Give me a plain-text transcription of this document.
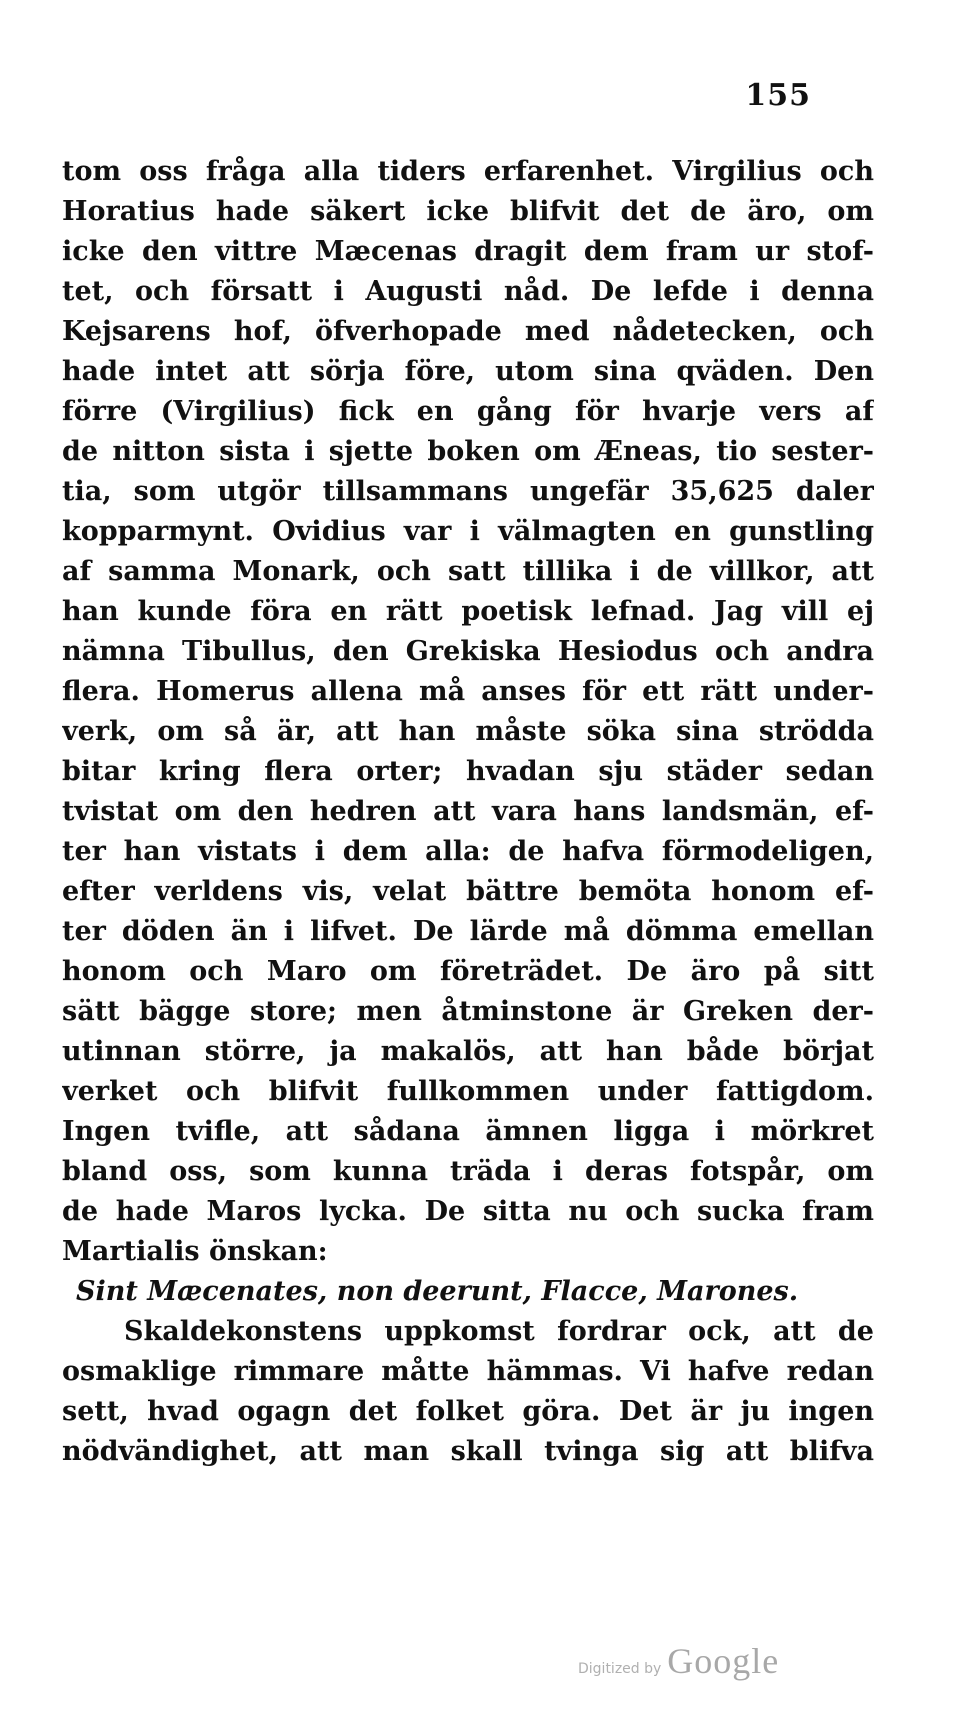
155
tom oss fråga alla tiders erfarenhet. Virgilius och
Horatius hade säkert icke blifvit det de äro, om
icke den vittre Mæcenas dragit dem fram ur stof-
tet, och försatt i Augusti nåd. De lefde i denna
Kejsarens hof, öfverhopade med nådetecken, och
hade intet att sörja före, utom sina qväden. Den
förre (Virgilius) fick en gång för hvarje vers af
de nitton sista i sjette boken om Æneas, tio sester-
tia, som utgör tillsammans ungefär 35,625 daler
kopparmynt. Ovidius var i välmagten en gunstling
af samma Monark, och satt tillika i de villkor, att
han kunde föra en rätt poetisk lefnad. Jag vill ej
nämna Tibullus, den Grekiska Hesiodus och andra
flera. Homerus allena må anses för ett rätt under-
verk, om så är, att han måste söka sina strödda
bitar kring flera orter; hvadan sju städer sedan
tvistat om den hedren att vara hans landsmän, ef-
ter han vistats i dem alla: de hafva förmodeligen,
efter verldens vis, velat bättre bemöta honom ef-
ter döden än i lifvet. De lärde må dömma emellan
honom och Maro om företrädet. De äro på sitt
sätt bägge store; men åtminstone är Greken der-
utinnan större, ja makalös, att han både börjat
verket och blifvit fullkommen under fattigdom.
Ingen tvifle, att sådana ämnen ligga i mörkret
bland oss, som kunna träda i deras fotspår, om
de hade Maros lycka. De sitta nu och sucka fram
Martialis önskan:
Sint Mæcenates, non deerunt, Flacce, Marones.
Skaldekonstens uppkomst fordrar ock, att de
osmaklige rimmare måtte hämmas. Vi hafve redan
sett, hvad ogagn det folket göra. Det är ju ingen
nödvändighet, att man skall tvinga sig att blifva
Digitized by Google
